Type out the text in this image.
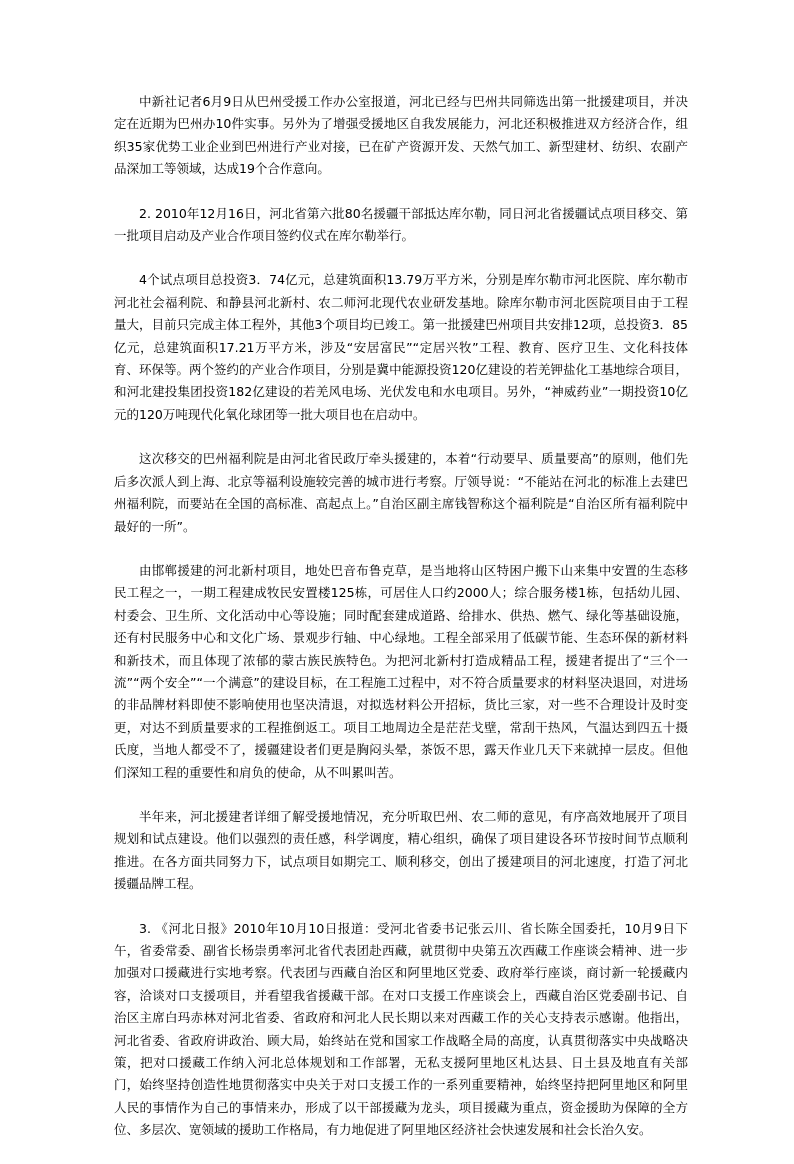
中新社记者6月9日从巴州受援工作办公室报道，河北已经与巴州共同筛选出第一批援建项目，并决定在近期为巴州办10件实事。另外为了增强受援地区自我发展能力，河北还积极推进双方经济合作，组织35家优势工业企业到巴州进行产业对接，已在矿产资源开发、天然气加工、新型建材、纺织、农副产品深加工等领域，达成19个合作意向。

2. 2010年12月16日，河北省第六批80名援疆干部抵达库尔勒，同日河北省援疆试点项目移交、第一批项目启动及产业合作项目签约仪式在库尔勒举行。

4个试点项目总投资3．74亿元，总建筑面积13.79万平方米，分别是库尔勒市河北医院、库尔勒市河北社会福利院、和静县河北新村、农二师河北现代农业研发基地。除库尔勒市河北医院项目由于工程量大，目前只完成主体工程外，其他3个项目均已竣工。第一批援建巴州项目共安排12项，总投资3．85亿元，总建筑面积17.21万平方米，涉及“安居富民”“定居兴牧”工程、教育、医疗卫生、文化科技体育、环保等。两个签约的产业合作项目，分别是冀中能源投资120亿建设的若羌钾盐化工基地综合项目，和河北建投集团投资182亿建设的若羌风电场、光伏发电和水电项目。另外，“神威药业”一期投资10亿元的120万吨现代化氧化球团等一批大项目也在启动中。

这次移交的巴州福利院是由河北省民政厅牵头援建的，本着“行动要早、质量要高”的原则，他们先后多次派人到上海、北京等福利设施较完善的城市进行考察。厅领导说：“不能站在河北的标准上去建巴州福利院，而要站在全国的高标准、高起点上。”自治区副主席钱智称这个福利院是“自治区所有福利院中最好的一所”。

由邯郸援建的河北新村项目，地处巴音布鲁克草，是当地将山区特困户搬下山来集中安置的生态移民工程之一，一期工程建成牧民安置楼125栋，可居住人口约2000人；综合服务楼1栋，包括幼儿园、村委会、卫生所、文化活动中心等设施；同时配套建成道路、给排水、供热、燃气、绿化等基础设施，还有村民服务中心和文化广场、景观步行轴、中心绿地。工程全部采用了低碳节能、生态环保的新材料和新技术，而且体现了浓郁的蒙古族民族特色。为把河北新村打造成精品工程，援建者提出了“三个一流”“两个安全”“一个满意”的建设目标，在工程施工过程中，对不符合质量要求的材料坚决退回，对进场的非品牌材料即使不影响使用也坚决清退，对拟选材料公开招标，货比三家，对一些不合理设计及时变更，对达不到质量要求的工程推倒返工。项目工地周边全是茫茫戈壁，常刮干热风，气温达到四五十摄氏度，当地人都受不了，援疆建设者们更是胸闷头晕，茶饭不思，露天作业几天下来就掉一层皮。但他们深知工程的重要性和肩负的使命，从不叫累叫苦。

半年来，河北援建者详细了解受援地情况，充分听取巴州、农二师的意见，有序高效地展开了项目规划和试点建设。他们以强烈的责任感，科学调度，精心组织，确保了项目建设各环节按时间节点顺利推进。在各方面共同努力下，试点项目如期完工、顺利移交，创出了援建项目的河北速度，打造了河北援疆品牌工程。

3. 《河北日报》2010年10月10日报道：受河北省委书记张云川、省长陈全国委托，10月9日下午，省委常委、副省长杨崇勇率河北省代表团赴西藏，就贯彻中央第五次西藏工作座谈会精神、进一步加强对口援藏进行实地考察。代表团与西藏自治区和阿里地区党委、政府举行座谈，商讨新一轮援藏内容，洽谈对口支援项目，并看望我省援藏干部。在对口支援工作座谈会上，西藏自治区党委副书记、自治区主席白玛赤林对河北省委、省政府和河北人民长期以来对西藏工作的关心支持表示感谢。他指出，河北省委、省政府讲政治、顾大局，始终站在党和国家工作战略全局的高度，认真贯彻落实中央战略决策，把对口援藏工作纳入河北总体规划和工作部署，无私支援阿里地区札达县、日土县及地直有关部门，始终坚持创造性地贯彻落实中央关于对口支援工作的一系列重要精神，始终坚持把阿里地区和阿里人民的事情作为自己的事情来办，形成了以干部援藏为龙头，项目援藏为重点，资金援助为保障的全方位、多层次、宽领域的援助工作格局，有力地促进了阿里地区经济社会快速发展和社会长治久安。
